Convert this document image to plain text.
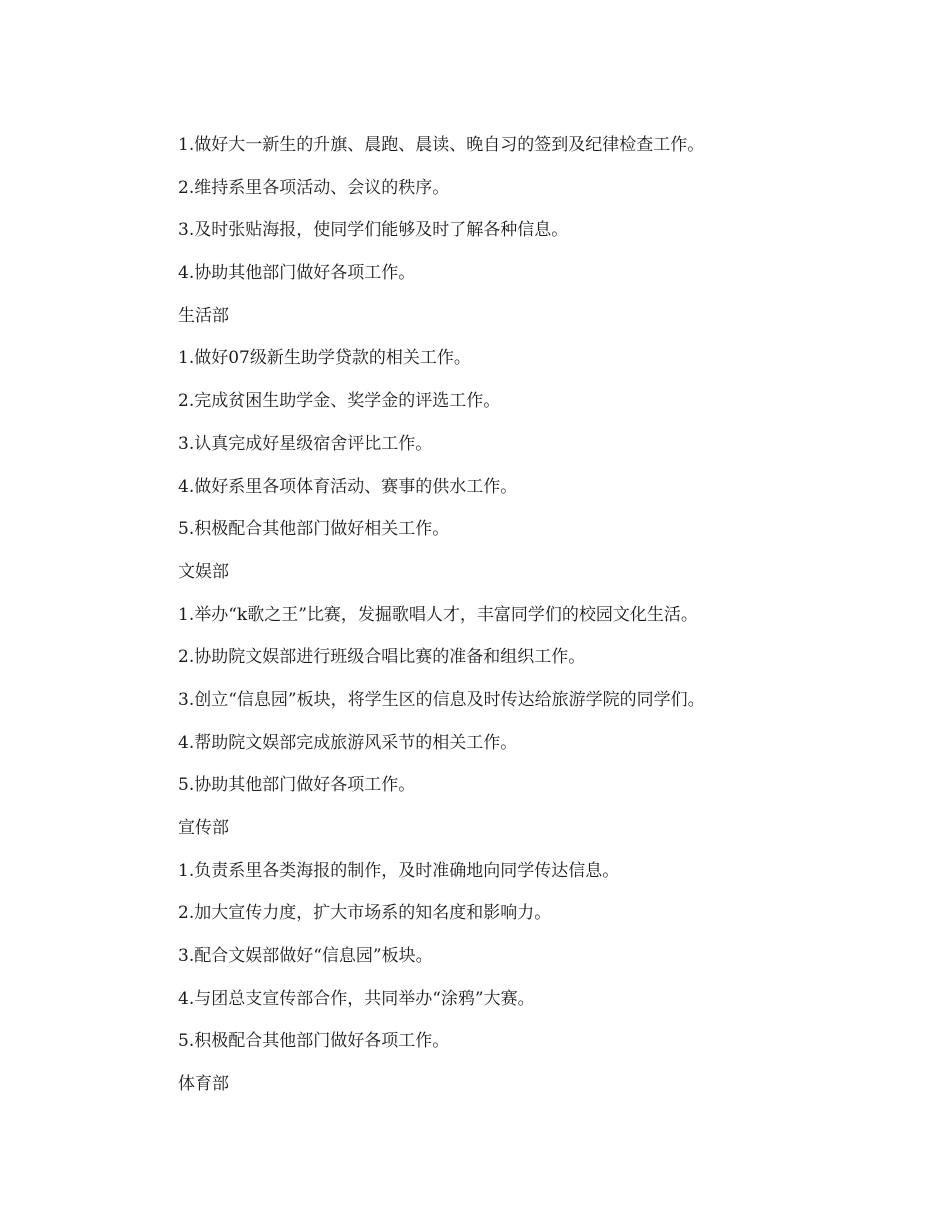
1.做好大一新生的升旗、晨跑、晨读、晚自习的签到及纪律检查工作。
2.维持系里各项活动、会议的秩序。
3.及时张贴海报，使同学们能够及时了解各种信息。
4.协助其他部门做好各项工作。
生活部
1.做好07级新生助学贷款的相关工作。
2.完成贫困生助学金、奖学金的评选工作。
3.认真完成好星级宿舍评比工作。
4.做好系里各项体育活动、赛事的供水工作。
5.积极配合其他部门做好相关工作。
文娱部
1.举办“k歌之王”比赛，发掘歌唱人才，丰富同学们的校园文化生活。
2.协助院文娱部进行班级合唱比赛的准备和组织工作。
3.创立“信息园”板块，将学生区的信息及时传达给旅游学院的同学们。
4.帮助院文娱部完成旅游风采节的相关工作。
5.协助其他部门做好各项工作。
宣传部
1.负责系里各类海报的制作，及时准确地向同学传达信息。
2.加大宣传力度，扩大市场系的知名度和影响力。
3.配合文娱部做好“信息园”板块。
4.与团总支宣传部合作，共同举办“涂鸦”大赛。
5.积极配合其他部门做好各项工作。
体育部
